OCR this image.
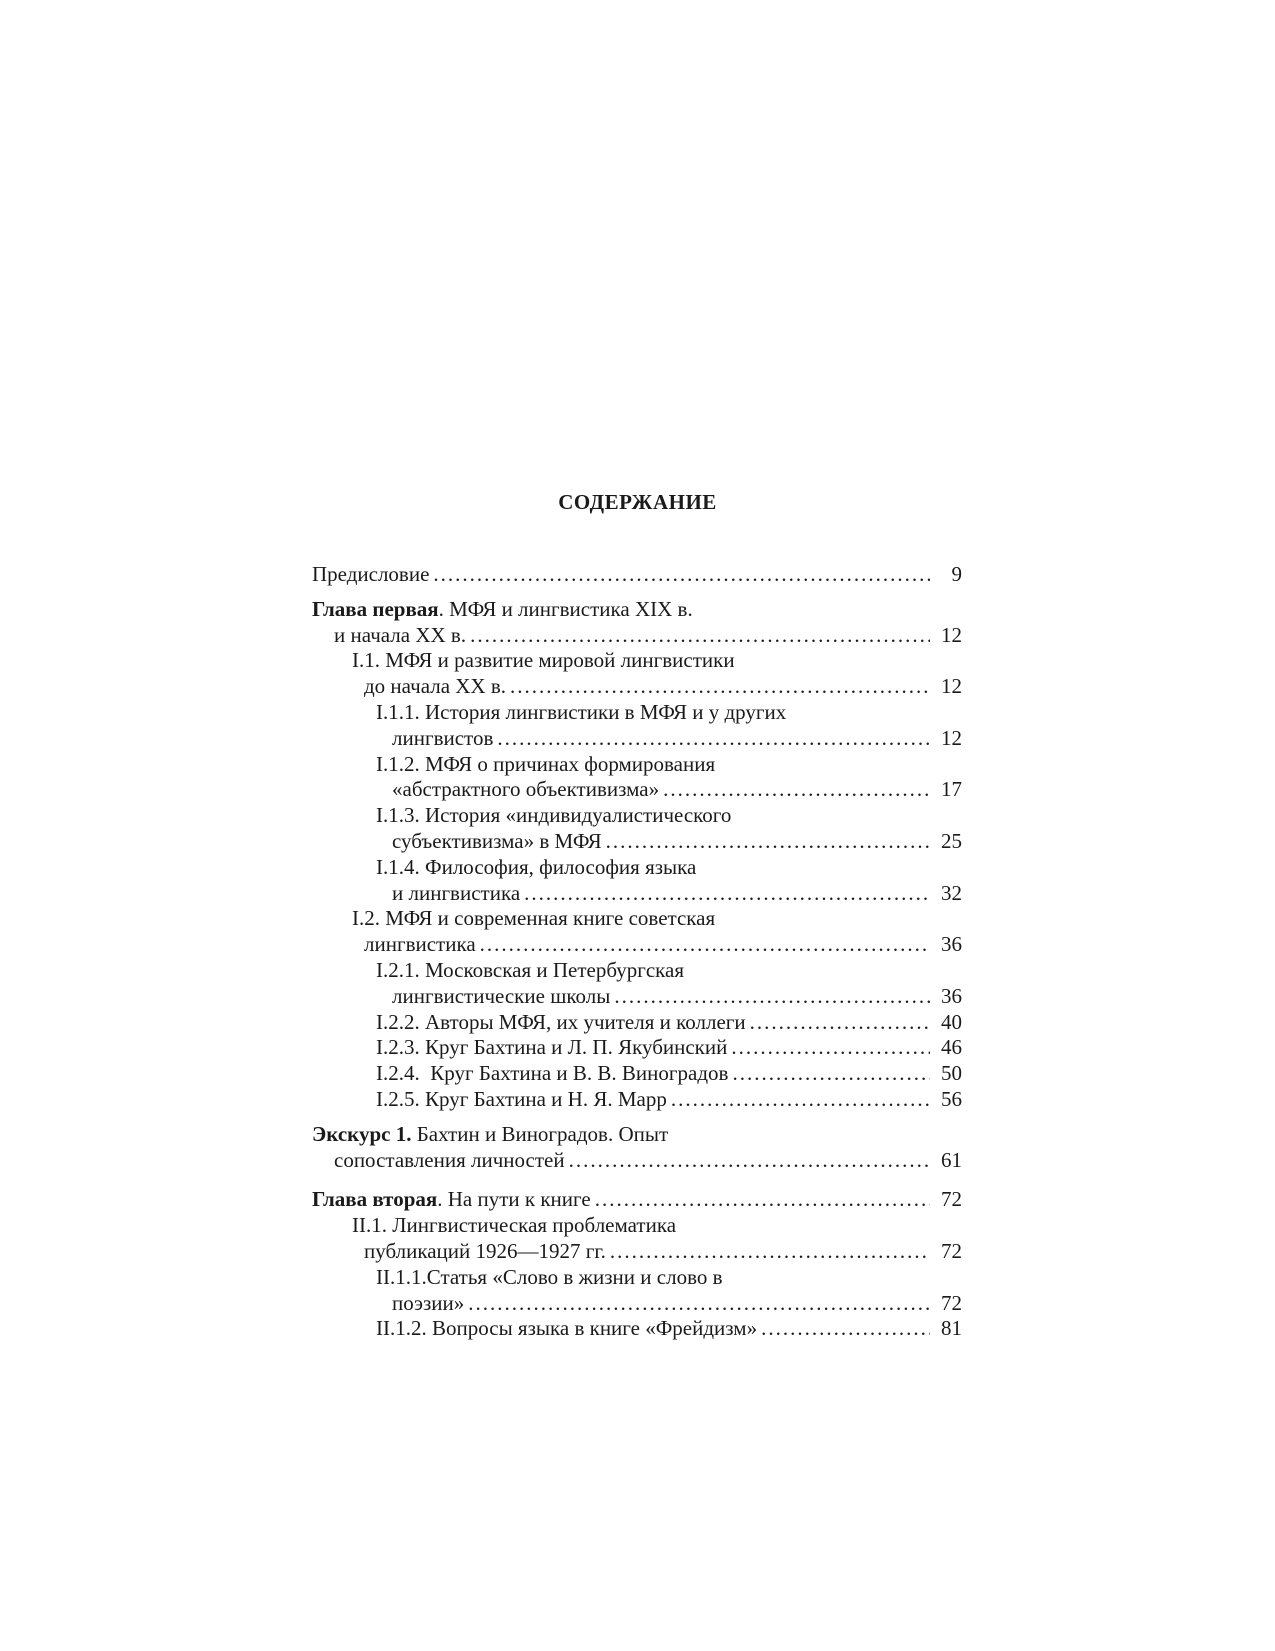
СОДЕРЖАНИЕ
Предисловие .....	9
Глава первая. МФЯ и лингвистика XIX в.
и начала XX в. .....	12
I.1. МФЯ и развитие мировой лингвистики
до начала XX в. .....	12
I.1.1. История лингвистики в МФЯ и у других
лингвистов .....	12
I.1.2. МФЯ о причинах формирования
«абстрактного объективизма» .....	17
I.1.3. История «индивидуалистического
субъективизма» в МФЯ .....	25
I.1.4. Философия, философия языка
и лингвистика .....	32
I.2. МФЯ и современная книге советская
лингвистика .....	36
I.2.1. Московская и Петербургская
лингвистические школы .....	36
I.2.2. Авторы МФЯ, их учителя и коллеги .....	40
I.2.3. Круг Бахтина и Л. П. Якубинский .....	46
I.2.4.  Круг Бахтина и В. В. Виноградов .....	50
I.2.5. Круг Бахтина и Н. Я. Марр .....	56
Экскурс 1. Бахтин и Виноградов. Опыт
сопоставления личностей .....	61
Глава вторая. На пути к книге .....	72
II.1. Лингвистическая проблематика
публикаций 1926—1927 гг. .....	72
II.1.1.Статья «Слово в жизни и слово в
поэзии» .....	72
II.1.2. Вопросы языка в книге «Фрейдизм» .....	81
